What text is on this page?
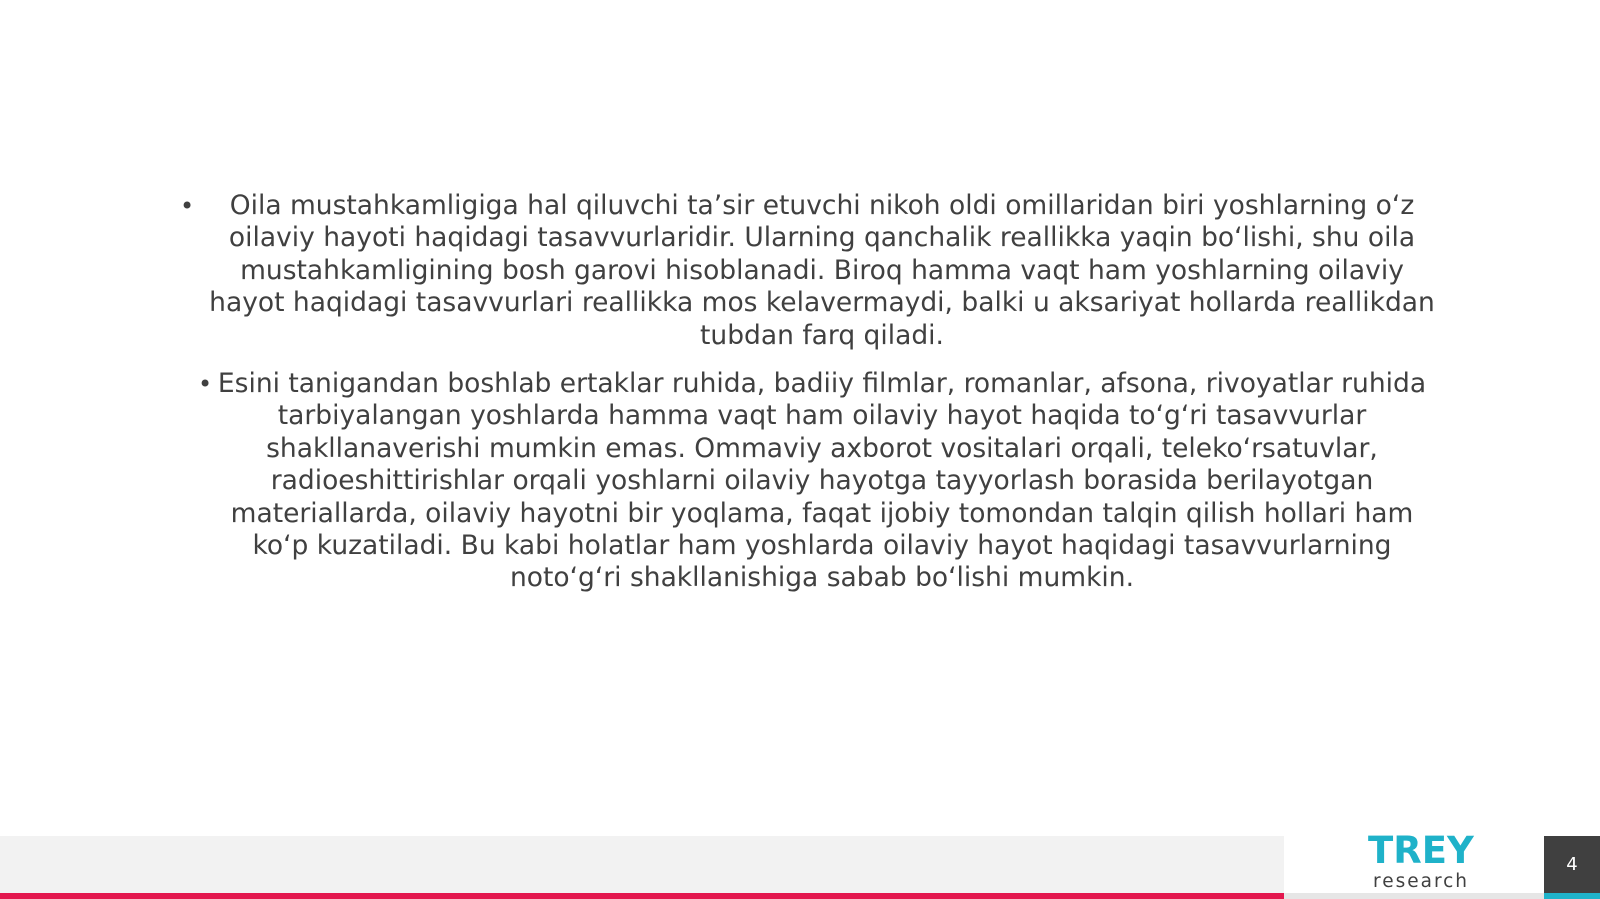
• Oila mustahkamligiga hal qiluvchi ta’sir etuvchi nikoh oldi omillaridan biri yoshlarning o‘z oilaviy hayoti haqidagi tasavvurlaridir. Ularning qanchalik reallikka yaqin bo‘lishi, shu oila mustahkamligining bosh garovi hisoblanadi. Biroq hamma vaqt ham yoshlarning oilaviy hayot haqidagi tasavvurlari reallikka mos kelavermaydi, balki u aksariyat hollarda reallikdan tubdan farq qiladi.
• Esini tanigandan boshlab ertaklar ruhida, badiiy filmlar, romanlar, afsona, rivoyatlar ruhida tarbiyalangan yoshlarda hamma vaqt ham oilaviy hayot haqida to‘g‘ri tasavvurlar shakllanaverishi mumkin emas. Ommaviy axborot vositalari orqali, teleko‘rsatuvlar, radioeshittirishlar orqali yoshlarni oilaviy hayotga tayyorlash borasida berilayotgan materiallarda, oilaviy hayotni bir yoqlama, faqat ijobiy tomondan talqin qilish hollari ham ko‘p kuzatiladi. Bu kabi holatlar ham yoshlarda oilaviy hayot haqidagi tasavvurlarning noto‘g‘ri shakllanishiga sabab bo‘lishi mumkin.
TREY
research
4
